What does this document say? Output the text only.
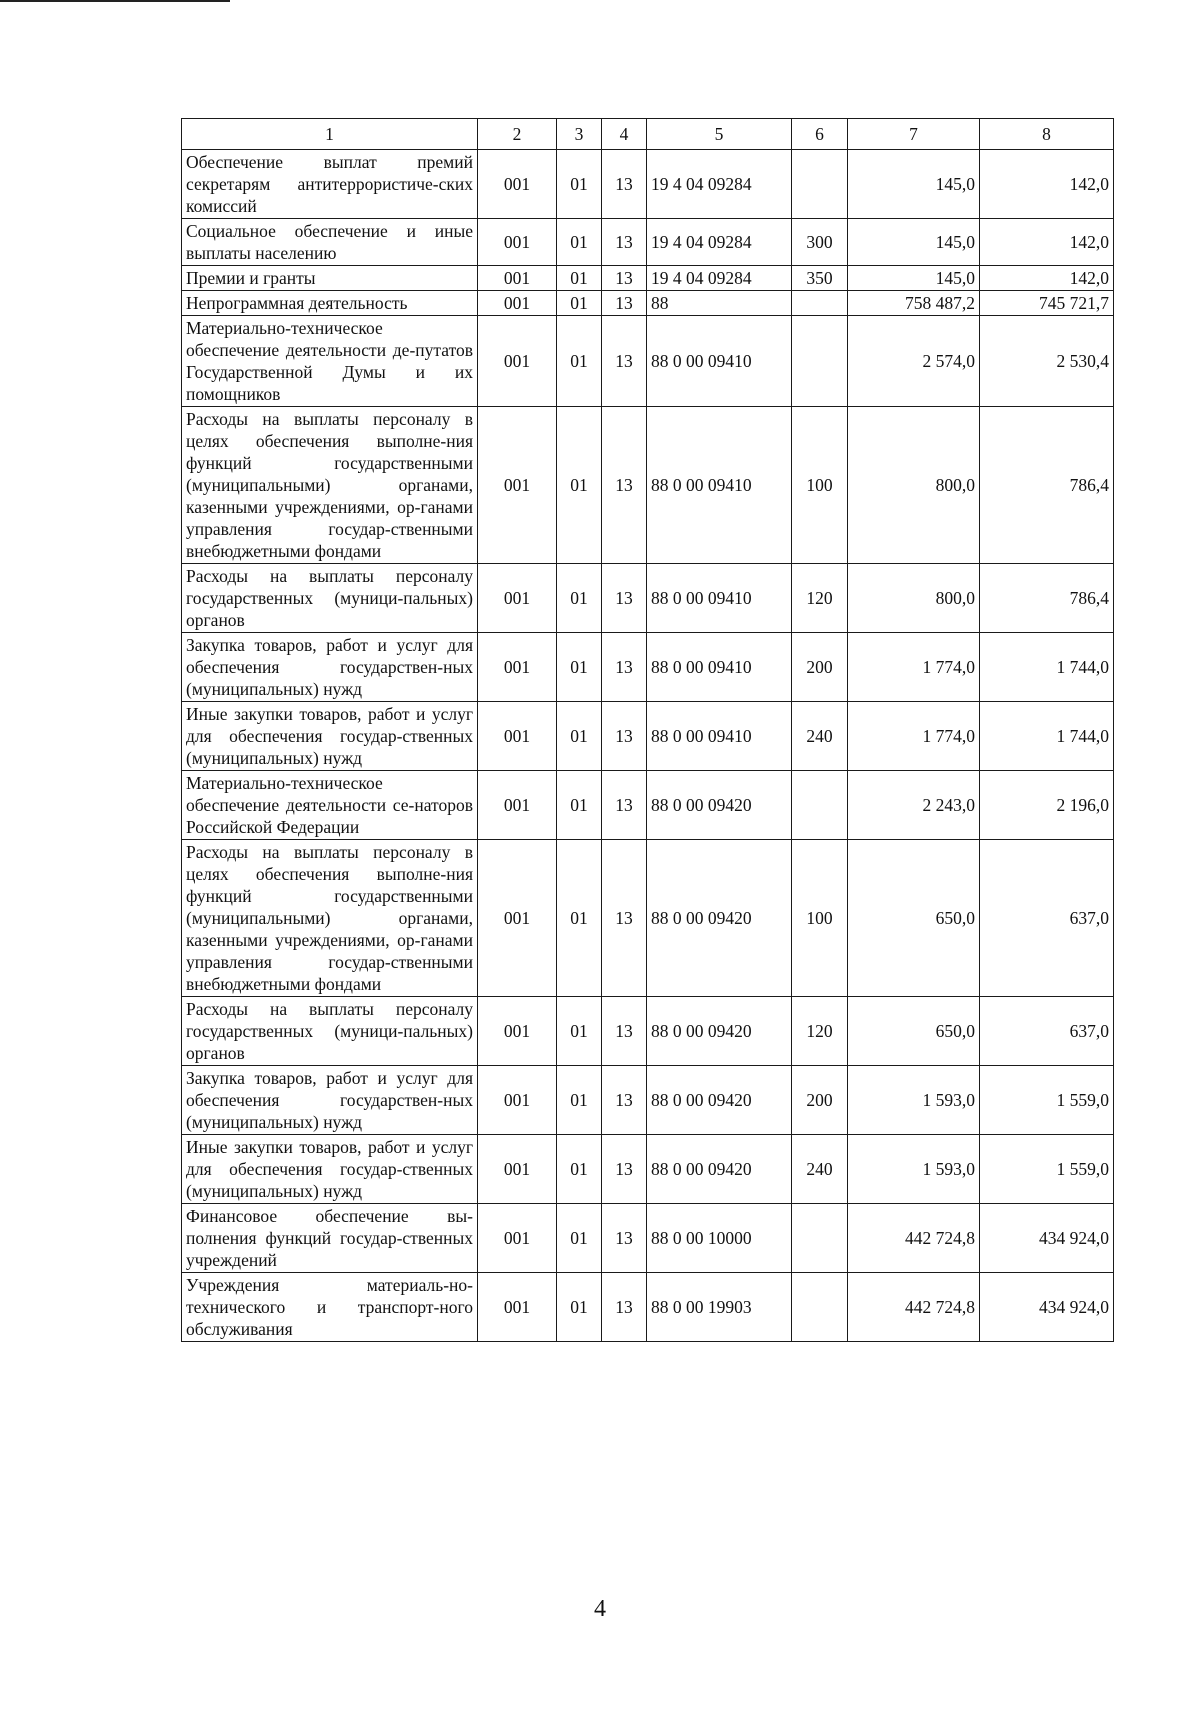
1	2	3	4	5	6	7	8
Обеспечение выплат премий секретарям антитеррористиче-ских комиссий	001	01	13	19 4 04 09284		145,0	142,0
Социальное обеспечение и иные выплаты населению	001	01	13	19 4 04 09284	300	145,0	142,0
Премии и гранты	001	01	13	19 4 04 09284	350	145,0	142,0
Непрограммная деятельность	001	01	13	88		758 487,2	745 721,7
Материально-техническое обеспечение деятельности де-путатов Государственной Думы и их помощников	001	01	13	88 0 00 09410		2 574,0	2 530,4
Расходы на выплаты персоналу в целях обеспечения выполне-ния функций государственными (муниципальными) органами, казенными учреждениями, ор-ганами управления государ-ственными внебюджетными фондами	001	01	13	88 0 00 09410	100	800,0	786,4
Расходы на выплаты персоналу государственных (муници-пальных) органов	001	01	13	88 0 00 09410	120	800,0	786,4
Закупка товаров, работ и услуг для обеспечения государствен-ных (муниципальных) нужд	001	01	13	88 0 00 09410	200	1 774,0	1 744,0
Иные закупки товаров, работ и услуг для обеспечения государ-ственных (муниципальных) нужд	001	01	13	88 0 00 09410	240	1 774,0	1 744,0
Материально-техническое обеспечение деятельности се-наторов Российской Федерации	001	01	13	88 0 00 09420		2 243,0	2 196,0
Расходы на выплаты персоналу в целях обеспечения выполне-ния функций государственными (муниципальными) органами, казенными учреждениями, ор-ганами управления государ-ственными внебюджетными фондами	001	01	13	88 0 00 09420	100	650,0	637,0
Расходы на выплаты персоналу государственных (муници-пальных) органов	001	01	13	88 0 00 09420	120	650,0	637,0
Закупка товаров, работ и услуг для обеспечения государствен-ных (муниципальных) нужд	001	01	13	88 0 00 09420	200	1 593,0	1 559,0
Иные закупки товаров, работ и услуг для обеспечения государ-ственных (муниципальных) нужд	001	01	13	88 0 00 09420	240	1 593,0	1 559,0
Финансовое обеспечение вы-полнения функций государ-ственных учреждений	001	01	13	88 0 00 10000		442 724,8	434 924,0
Учреждения материаль-но-технического и транспорт-ного обслуживания	001	01	13	88 0 00 19903		442 724,8	434 924,0
4
